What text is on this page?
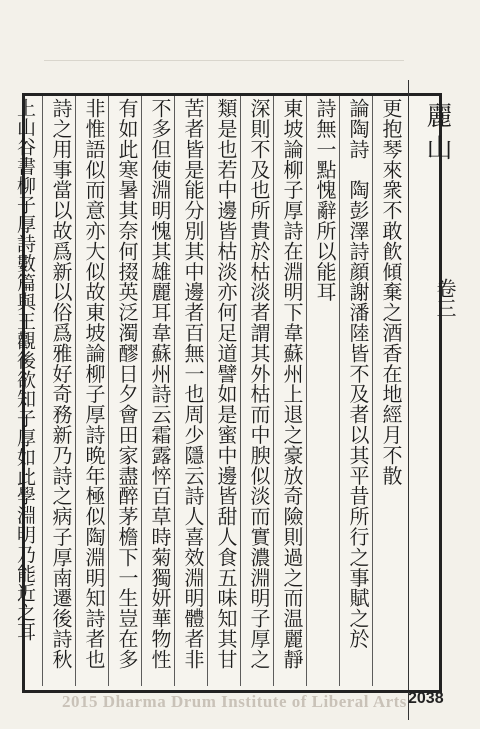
麗山
卷三
更抱琴來衆不敢飮傾棄之酒香在地經月不散
論陶詩　陶彭澤詩顔謝潘陸皆不及者以其平昔所行之事賦之於
詩無一點愧辭所以能耳
東坡論柳子厚詩在淵明下韋蘇州上退之豪放奇險則過之而温麗靜
深則不及也所貴於枯淡者謂其外枯而中腴似淡而實濃淵明子厚之
類是也若中邊皆枯淡亦何足道譬如是蜜中邊皆甜人食五味知其甘
苦者皆是能分別其中邊者百無一也周少隱云詩人喜效淵明體者非
不多但使淵明愧其雄麗耳韋蘇州詩云霜露悴百草時菊獨妍華物性
有如此寒暑其奈何掇英泛濁醪日夕會田家盡醉茅檐下一生豈在多
非惟語似而意亦大似故東坡論柳子厚詩晩年極似陶淵明知詩者也
詩之用事當以故爲新以俗爲雅好奇務新乃詩之病子厚南遷後詩秋
上山谷書柳子厚詩數篇與王觀後欲知子厚如此學淵明乃能近之耳
2015 Dharma Drum Institute of Liberal Arts 2038
